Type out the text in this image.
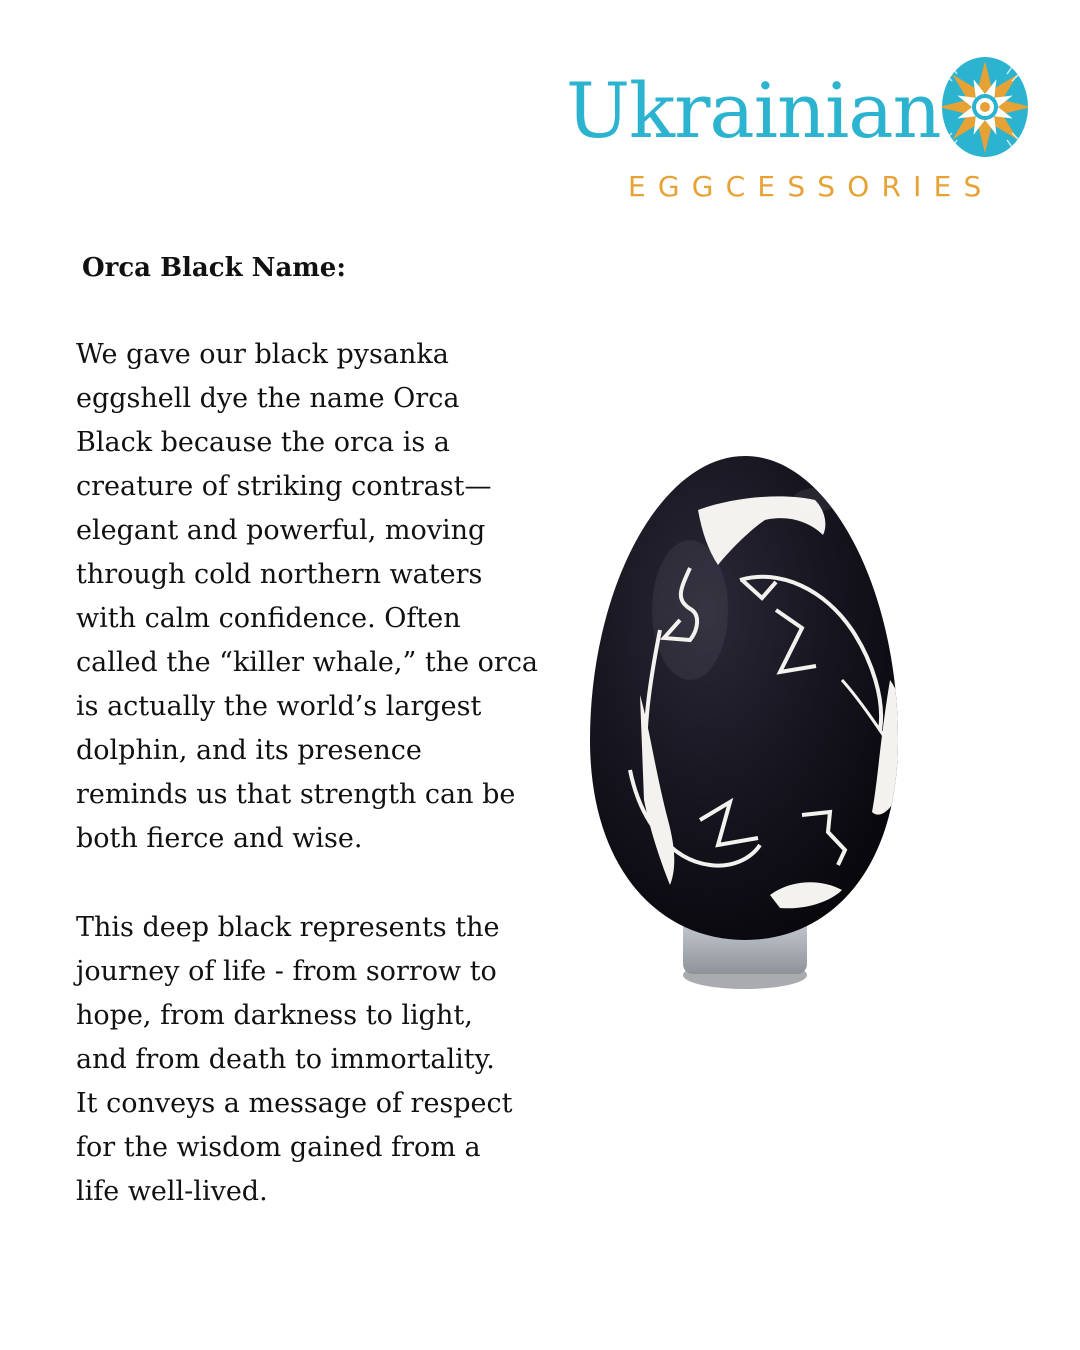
Ukrainian
EGGCESSORIES
Orca Black Name:
We gave our black pysanka
eggshell dye the name Orca
Black because the orca is a
creature of striking contrast—
elegant and powerful, moving
through cold northern waters
with calm confidence. Often
called the “killer whale,” the orca
is actually the world’s largest
dolphin, and its presence
reminds us that strength can be
both fierce and wise.
This deep black represents the
journey of life - from sorrow to
hope, from darkness to light,
and from death to immortality.
It conveys a message of respect
for the wisdom gained from a
life well-lived.
